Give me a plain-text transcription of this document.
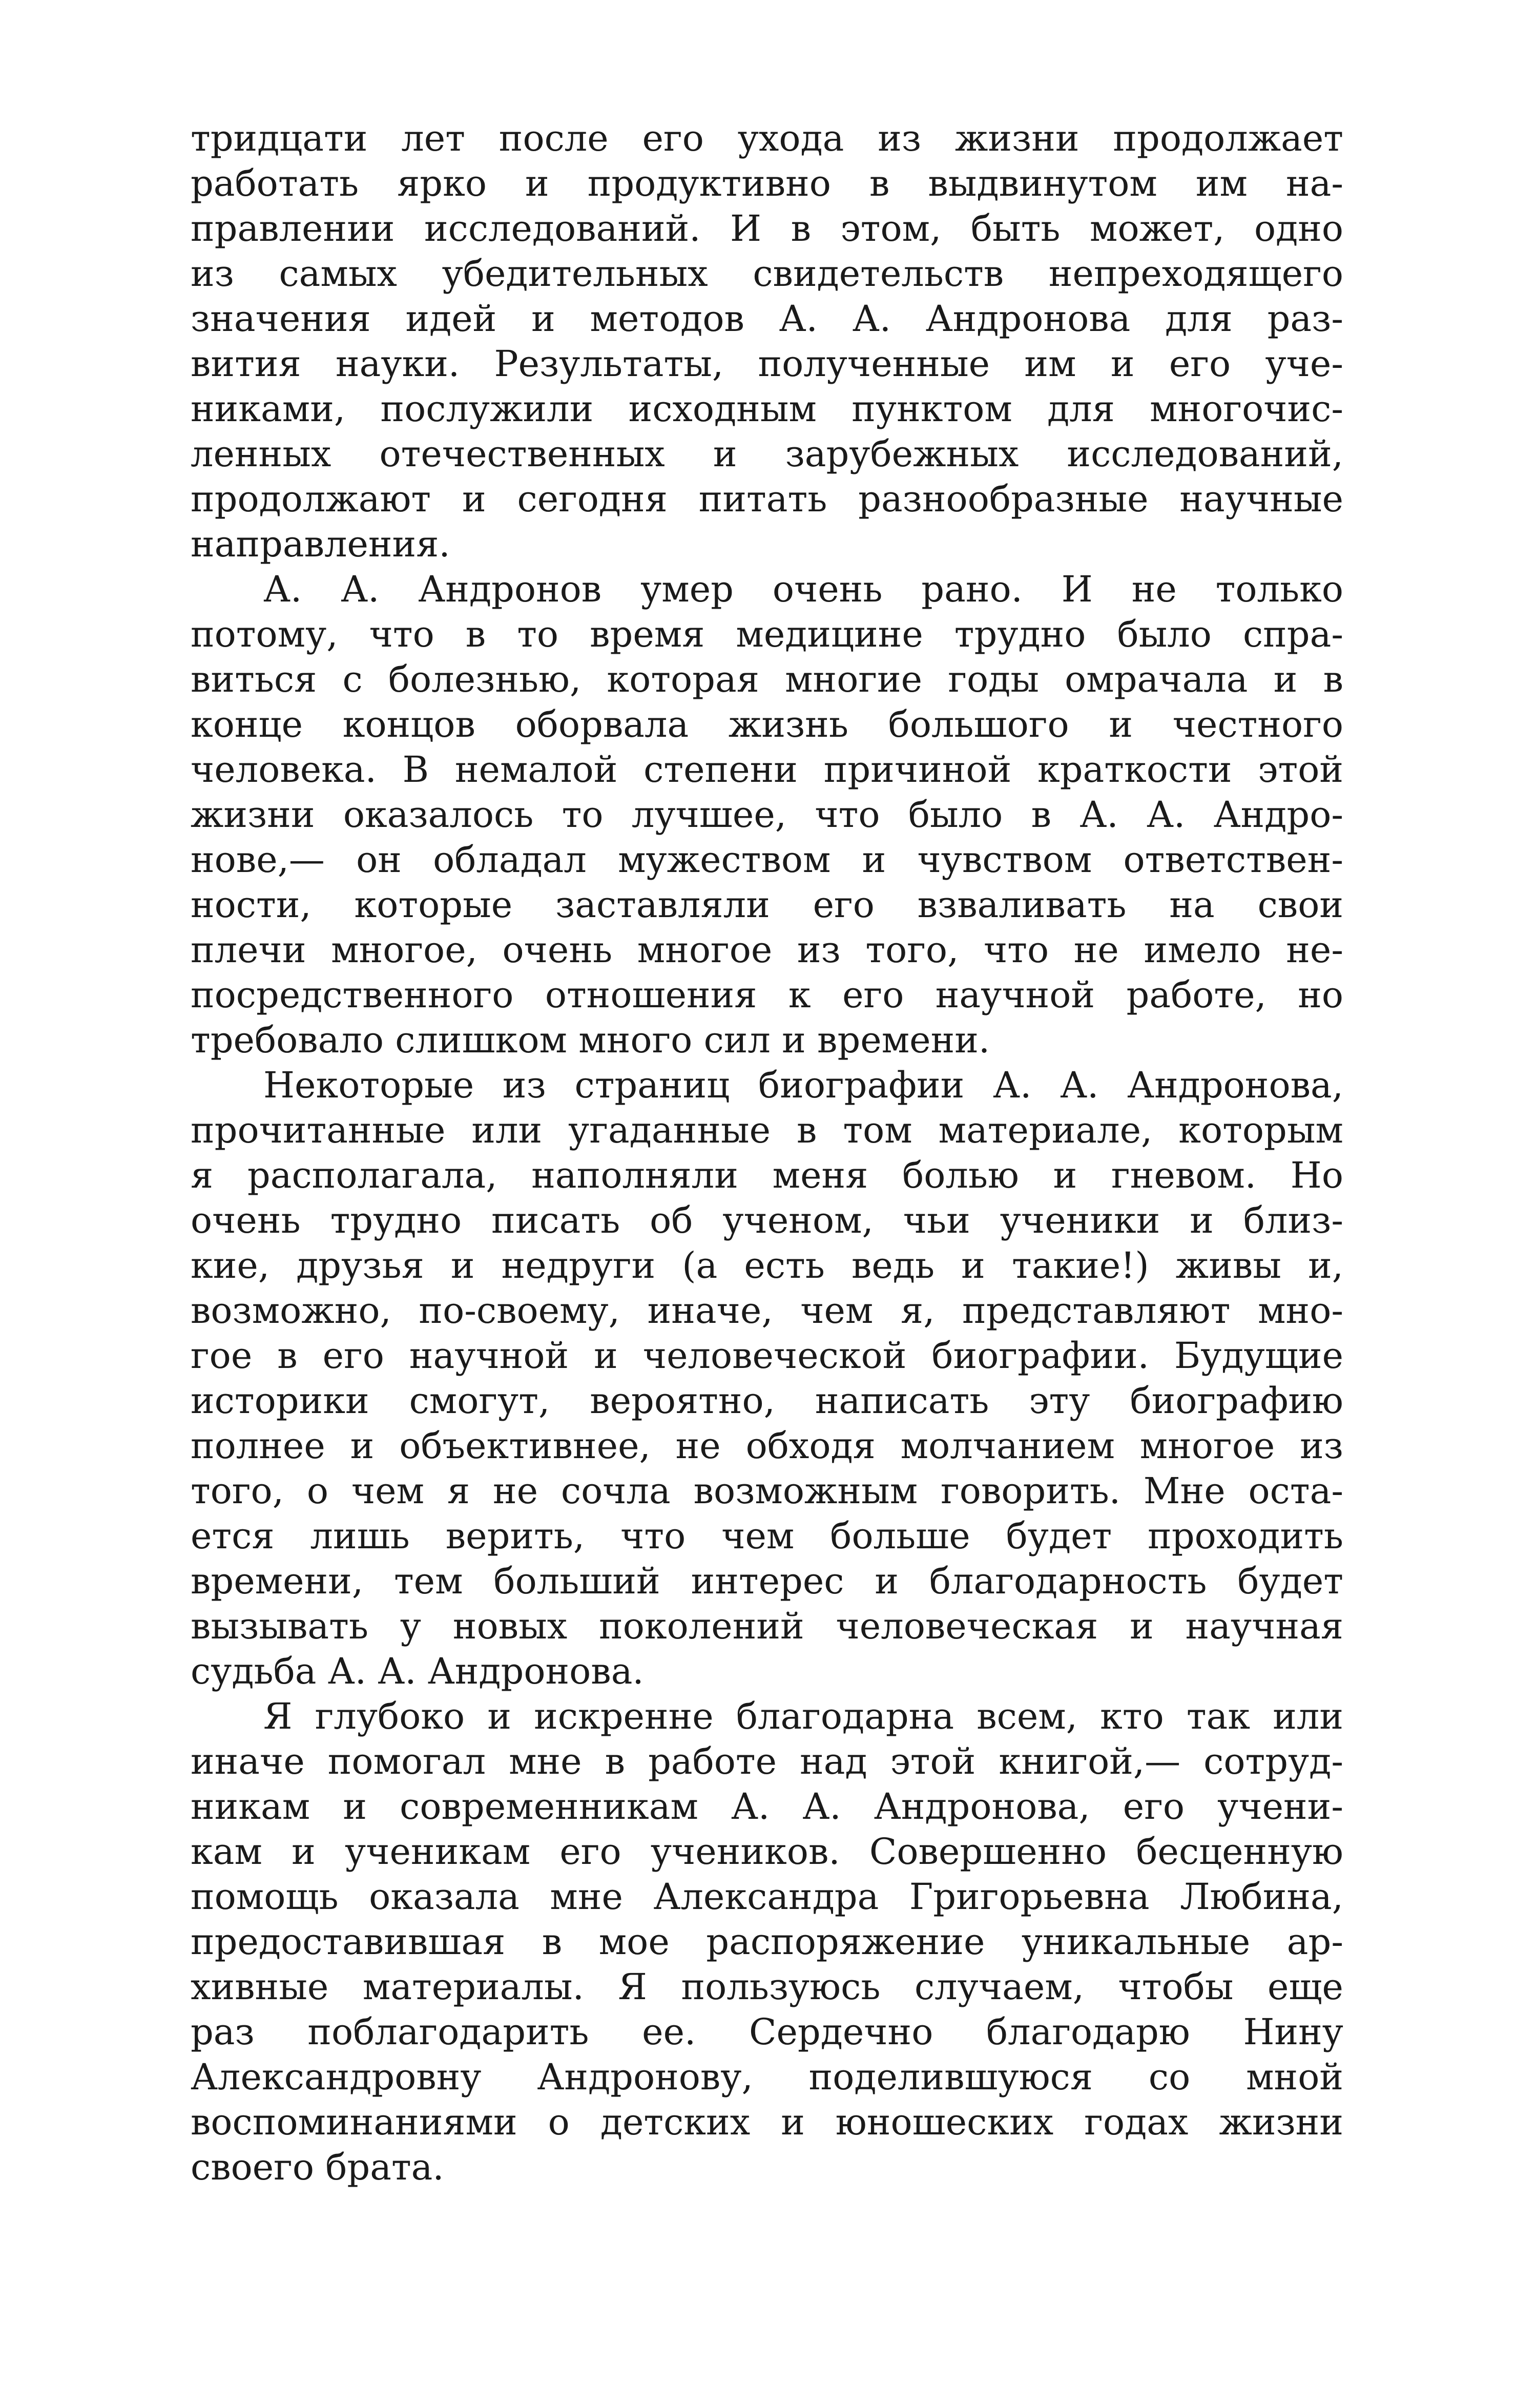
тридцати лет после его ухода из жизни продолжает
работать ярко и продуктивно в выдвинутом им на-
правлении исследований. И в этом, быть может, одно
из самых убедительных свидетельств непреходящего
значения идей и методов А. А. Андронова для раз-
вития науки. Результаты, полученные им и его уче-
никами, послужили исходным пунктом для многочис-
ленных отечественных и зарубежных исследований,
продолжают и сегодня питать разнообразные научные
направления.

А. А. Андронов умер очень рано. И не только
потому, что в то время медицине трудно было спра-
виться с болезнью, которая многие годы омрачала и в
конце концов оборвала жизнь большого и честного
человека. В немалой степени причиной краткости этой
жизни оказалось то лучшее, что было в А. А. Андро-
нове,— он обладал мужеством и чувством ответствен-
ности, которые заставляли его взваливать на свои
плечи многое, очень многое из того, что не имело не-
посредственного отношения к его научной работе, но
требовало слишком много сил и времени.

Некоторые из страниц биографии А. А. Андронова,
прочитанные или угаданные в том материале, которым
я располагала, наполняли меня болью и гневом. Но
очень трудно писать об ученом, чьи ученики и близ-
кие, друзья и недруги (а есть ведь и такие!) живы и,
возможно, по-своему, иначе, чем я, представляют мно-
гое в его научной и человеческой биографии. Будущие
историки смогут, вероятно, написать эту биографию
полнее и объективнее, не обходя молчанием многое из
того, о чем я не сочла возможным говорить. Мне оста-
ется лишь верить, что чем больше будет проходить
времени, тем больший интерес и благодарность будет
вызывать у новых поколений человеческая и научная
судьба А. А. Андронова.

Я глубоко и искренне благодарна всем, кто так или
иначе помогал мне в работе над этой книгой,— сотруд-
никам и современникам А. А. Андронова, его учени-
кам и ученикам его учеников. Совершенно бесценную
помощь оказала мне Александра Григорьевна Любина,
предоставившая в мое распоряжение уникальные ар-
хивные материалы. Я пользуюсь случаем, чтобы еще
раз поблагодарить ее. Сердечно благодарю Нину
Александровну Андронову, поделившуюся со мной
воспоминаниями о детских и юношеских годах жизни
своего брата.
